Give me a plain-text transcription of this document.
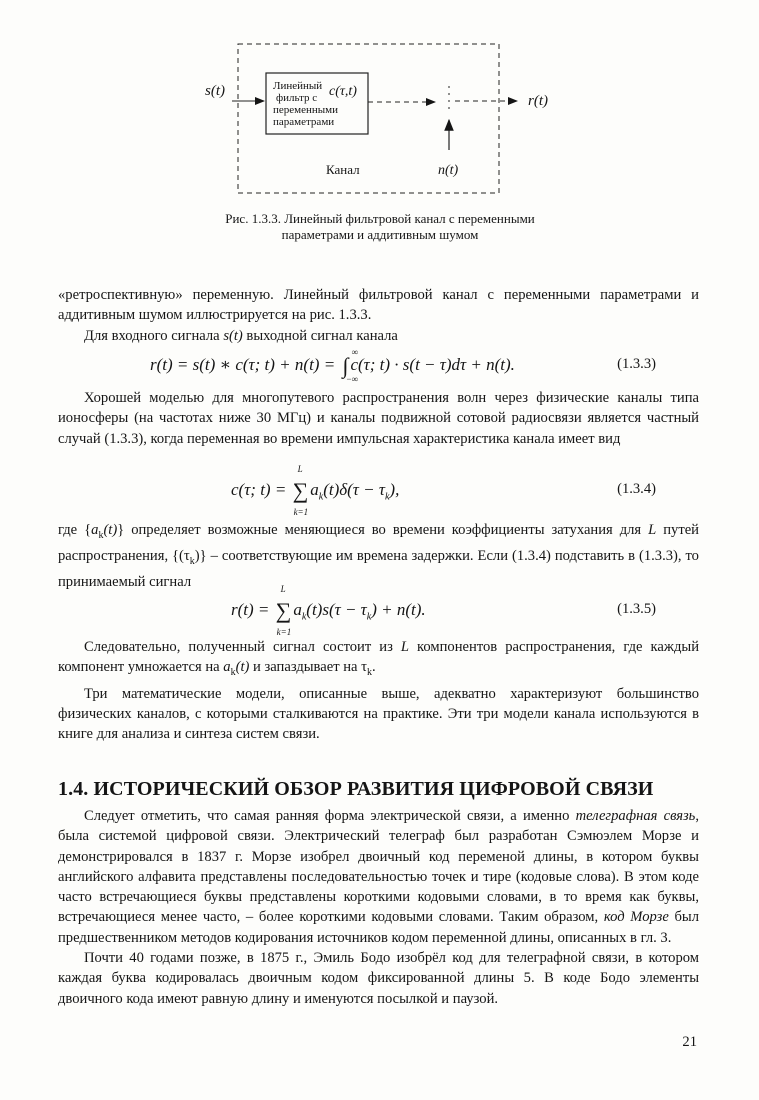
s(t)	Линейный
фильтр с
переменными
параметрами
c(τ,t)
r(t)
Канал	n(t)
Рис. 1.3.3. Линейный фильтровой канал с переменными
параметрами и аддитивным шумом

«ретроспективную» переменную. Линейный фильтровой канал с переменными параметрами и аддитивным шумом иллюстрируется на рис. 1.3.3.

Для входного сигнала s(t) выходной сигнал канала

r(t) = s(t) ∗ c(τ; t) + n(t) = ∫
∞
−∞
c(τ; t) · s(t − τ)dτ + n(t).	(1.3.3)

Хорошей моделью для многопутевого распространения волн через физические каналы типа ионосферы (на частотах ниже 30 МГц) и каналы подвижной сотовой радиосвязи является частный случай (1.3.3), когда переменная во времени импульсная характеристика канала имеет вид

c(τ; t) = ∑
L
k=1
$a_k(t)\delta(\tau - \tau_k)$,	(1.3.4)

где $\{a_k(t)\}$ определяет возможные меняющиеся во времени коэффициенты затухания для L путей распространения, $\{(\tau_k)\}$ – соответствующие им времена задержки. Если (1.3.4) подставить в (1.3.3), то принимаемый сигнал

r(t) = ∑
L
k=1
$a_k(t)s(\tau - \tau_k) + n(t)$.	(1.3.5)

Следовательно, полученный сигнал состоит из L компонентов распространения, где каждый компонент умножается на $a_k(t)$ и запаздывает на $\tau_k$.

Три математические модели, описанные выше, адекватно характеризуют большинство физических каналов, с которыми сталкиваются на практике. Эти три модели канала используются в книге для анализа и синтеза систем связи.

1.4. ИСТОРИЧЕСКИЙ ОБЗОР РАЗВИТИЯ ЦИФРОВОЙ СВЯЗИ

Следует отметить, что самая ранняя форма электрической связи, а именно телеграфная связь, была системой цифровой связи. Электрический телеграф был разработан Сэмюэлем Морзе и демонстрировался в 1837 г. Морзе изобрел двоичный код переменой длины, в котором буквы английского алфавита представлены последовательностью точек и тире (кодовые слова). В этом коде часто встречающиеся буквы представлены короткими кодовыми словами, в то время как буквы, встречающиеся менее часто, – более короткими кодовыми словами. Таким образом, код Морзе был предшественником методов кодирования источников кодом переменной длины, описанных в гл. 3.

Почти 40 годами позже, в 1875 г., Эмиль Бодо изобрёл код для телеграфной связи, в котором каждая буква кодировалась двоичным кодом фиксированной длины 5. В коде Бодо элементы двоичного кода имеют равную длину и именуются посылкой и паузой.

21
